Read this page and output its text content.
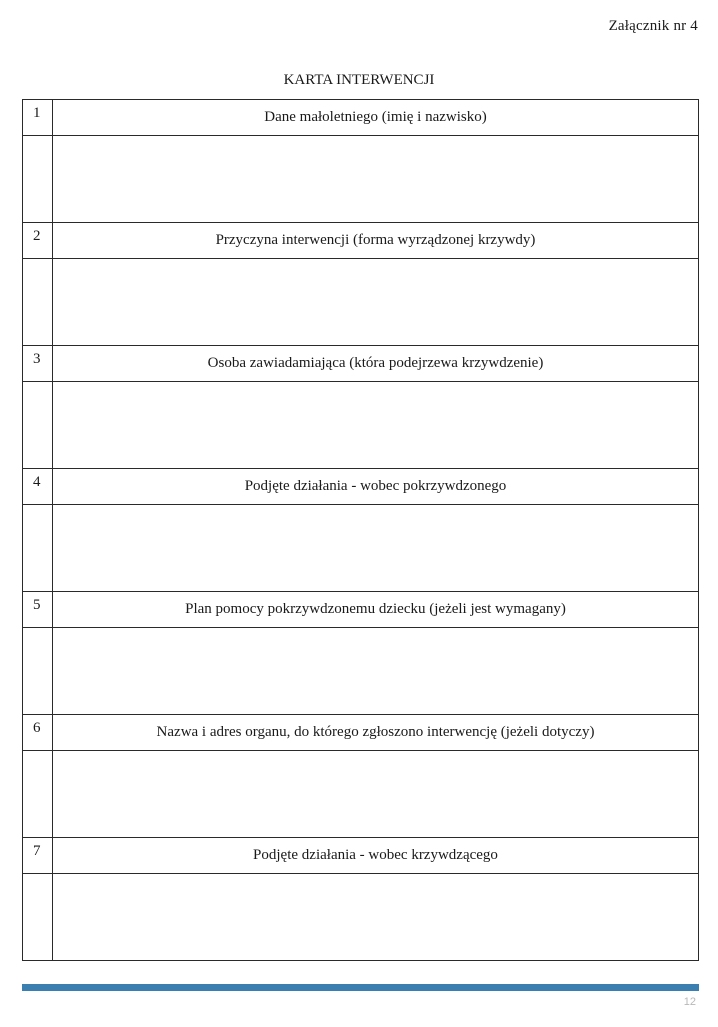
Załącznik nr 4
KARTA INTERWENCJI
1	Dane małoletniego (imię i nazwisko)

2	Przyczyna interwencji (forma wyrządzonej krzywdy)

3	Osoba zawiadamiająca (która podejrzewa krzywdzenie)

4	Podjęte działania - wobec pokrzywdzonego

5	Plan pomocy pokrzywdzonemu dziecku (jeżeli jest wymagany)

6	Nazwa i adres organu, do którego zgłoszono interwencję (jeżeli dotyczy)

7	Podjęte działania - wobec krzywdzącego

12
